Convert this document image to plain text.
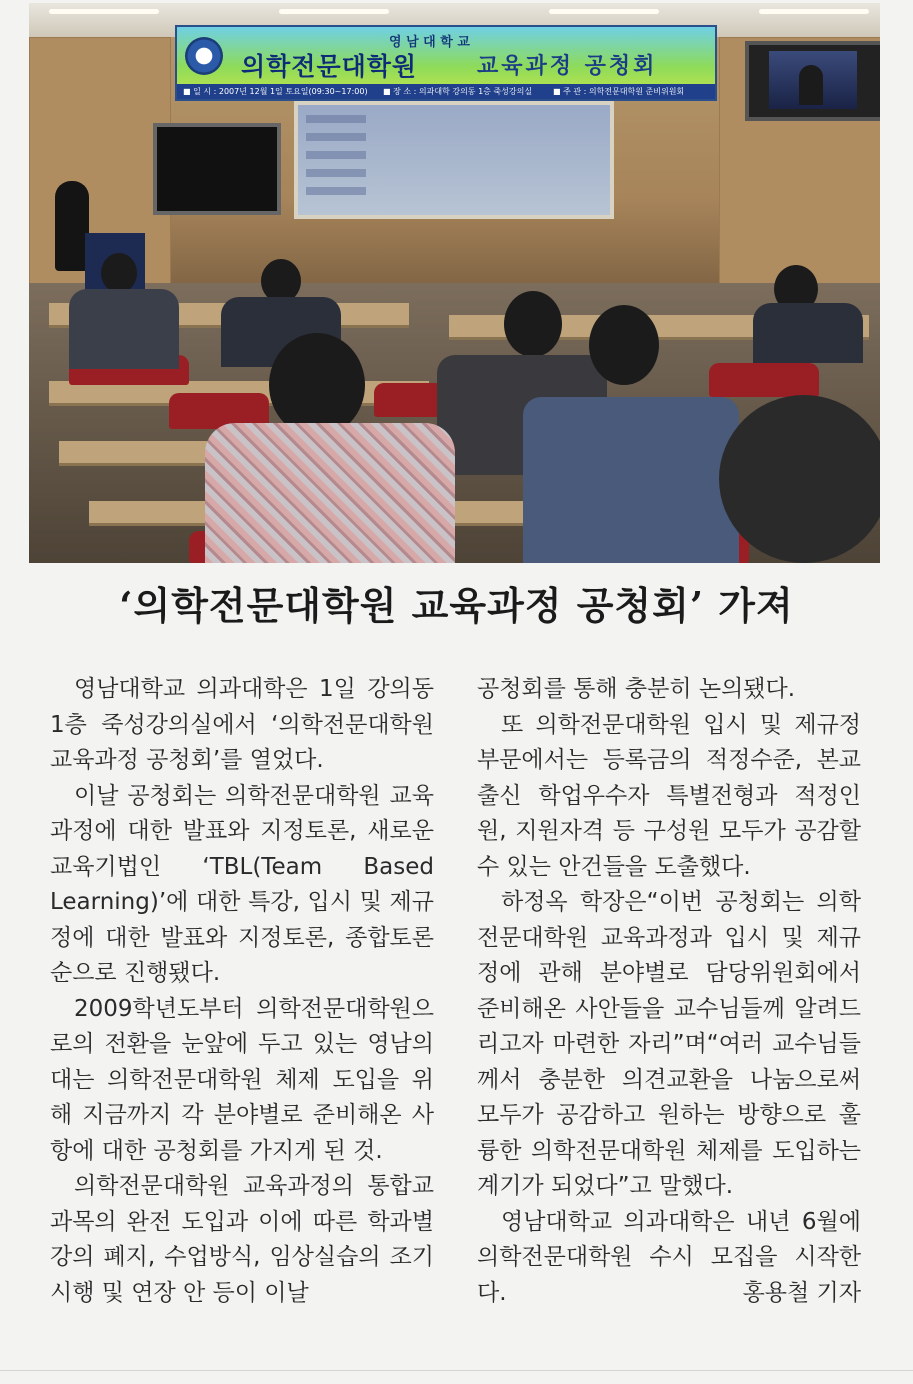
영 남 대 학 교
의학전문대학원	교육과정 공청회
■ 일 시 : 2007년 12월 1일 토요일(09:30~17:00) ■ 장 소 : 의과대학 강의동 1층 죽성강의실	■ 주 관 : 의학전문대학원 준비위원회
‘의학전문대학원 교육과정 공청회’ 가져

영남대학교 의과대학은 1일 강의동 1층 죽성강의실에서 ‘의학전문대학원 교육과정 공청회’를 열었다.

이날 공청회는 의학전문대학원 교육과정에 대한 발표와 지정토론, 새로운 교육기법인 ‘TBL(Team Based Learning)’에 대한 특강, 입시 및 제규정에 대한 발표와 지정토론, 종합토론 순으로 진행됐다.

2009학년도부터 의학전문대학원으로의 전환을 눈앞에 두고 있는 영남의대는 의학전문대학원 체제 도입을 위해 지금까지 각 분야별로 준비해온 사항에 대한 공청회를 가지게 된 것.

의학전문대학원 교육과정의 통합교과목의 완전 도입과 이에 따른 학과별 강의 폐지, 수업방식, 임상실습의 조기 시행 및 연장 안 등이 이날

공청회를 통해 충분히 논의됐다.

또 의학전문대학원 입시 및 제규정 부문에서는 등록금의 적정수준, 본교 출신 학업우수자 특별전형과 적정인원, 지원자격 등 구성원 모두가 공감할 수 있는 안건들을 도출했다.

하정옥 학장은“이번 공청회는 의학전문대학원 교육과정과 입시 및 제규정에 관해 분야별로 담당위원회에서 준비해온 사안들을 교수님들께 알려드리고자 마련한 자리”며“여러 교수님들께서 충분한 의견교환을 나눔으로써 모두가 공감하고 원하는 방향으로 훌륭한 의학전문대학원 체제를 도입하는 계기가 되었다”고 말했다.

영남대학교 의과대학은 내년 6월에 의학전문대학원 수시 모집을 시작한다.	홍용철 기자
